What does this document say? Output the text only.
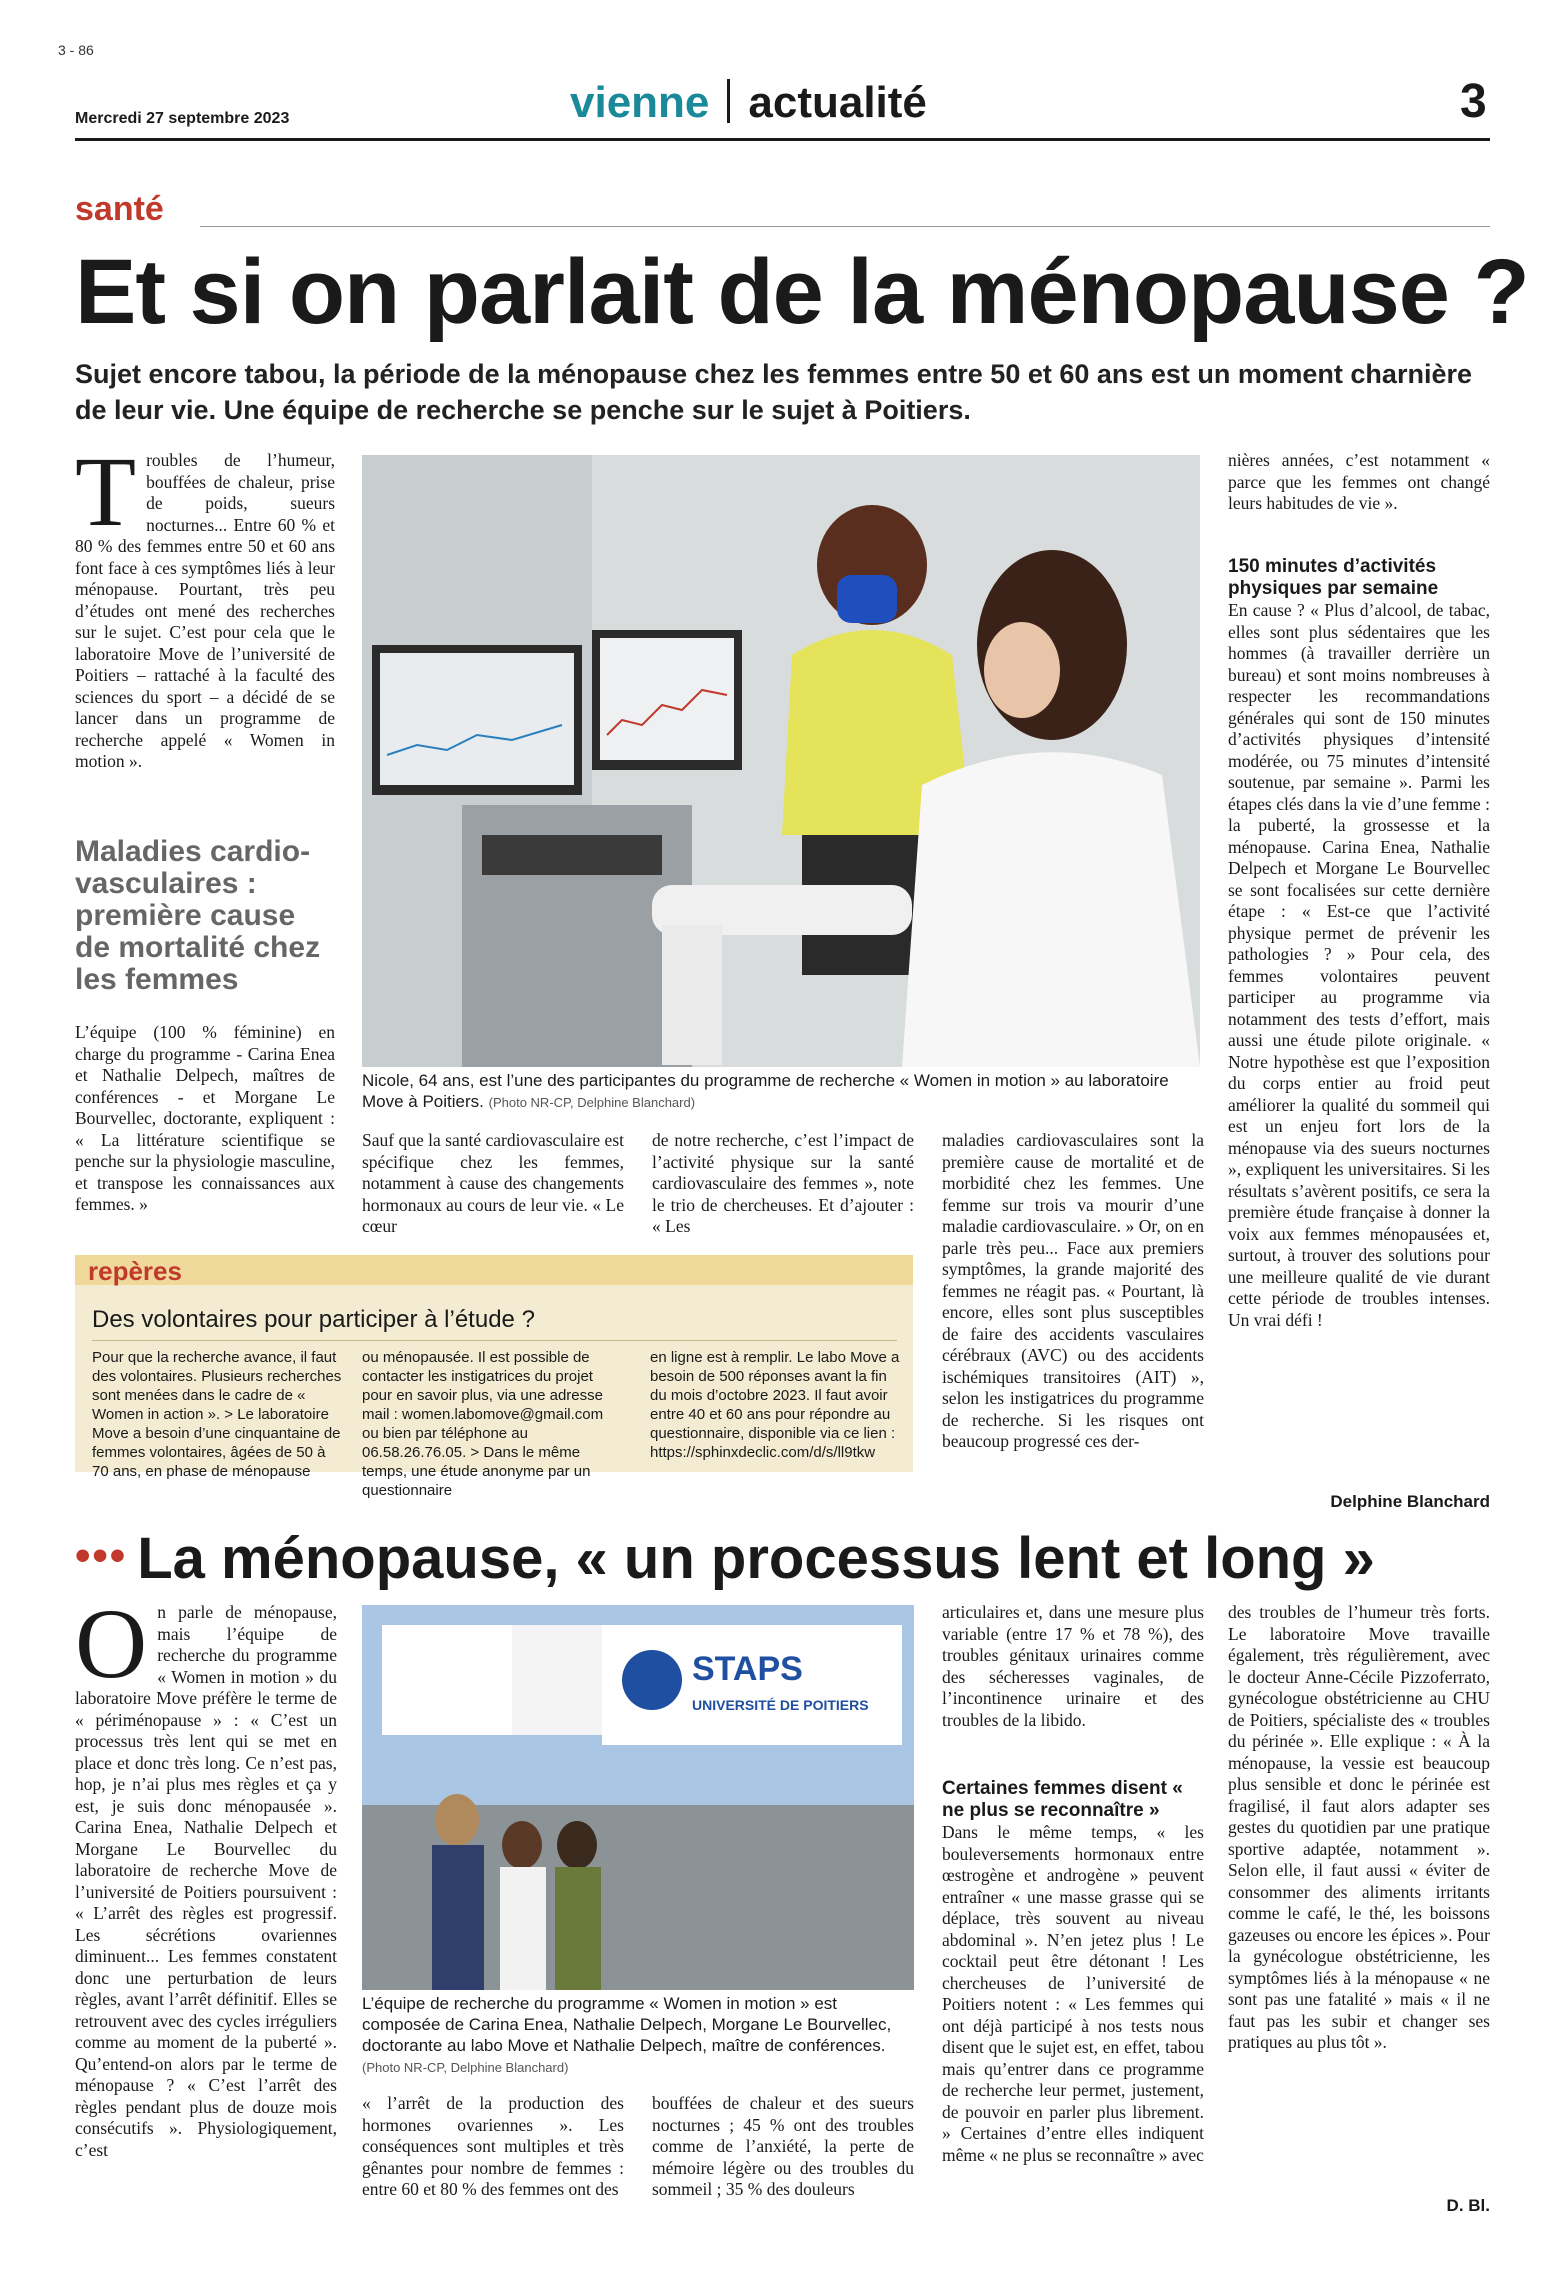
3 - 86
Mercredi 27 septembre 2023	vienne actualité	3
santé
Et si on parlait de la ménopause ?
Sujet encore tabou, la période de la ménopause chez les femmes entre 50 et 60 ans est un moment charnière de leur vie. Une équipe de recherche se penche sur le sujet à Poitiers.
Troubles de l’humeur, bouffées de chaleur, prise de poids, sueurs nocturnes... Entre 60 % et 80 % des femmes entre 50 et 60 ans font face à ces symptômes liés à leur ménopause. Pourtant, très peu d’études ont mené des recherches sur le sujet. C’est pour cela que le laboratoire Move de l’université de Poitiers – rattaché à la faculté des sciences du sport – a décidé de se lancer dans un programme de recherche appelé « Women in motion ».
Maladies cardio-vasculaires : première cause de mortalité chez les femmes
L’équipe (100 % féminine) en charge du programme - Carina Enea et Nathalie Delpech, maîtres de conférences - et Morgane Le Bourvellec, doctorante, expliquent : « La littérature scientifique se penche sur la physiologie masculine, et transpose les connaissances aux femmes. »
Nicole, 64 ans, est l’une des participantes du programme de recherche « Women in motion » au laboratoire Move à Poitiers. (Photo NR-CP, Delphine Blanchard)
Sauf que la santé cardiovasculaire est spécifique chez les femmes, notamment à cause des changements hormonaux au cours de leur vie. « Le cœur
de notre recherche, c’est l’impact de l’activité physique sur la santé cardiovasculaire des femmes », note le trio de chercheuses. Et d’ajouter : « Les
maladies cardiovasculaires sont la première cause de mortalité et de morbidité chez les femmes. Une femme sur trois va mourir d’une maladie cardiovasculaire. » Or, on en parle très peu... Face aux premiers symptômes, la grande majorité des femmes ne réagit pas. « Pourtant, là encore, elles sont plus susceptibles de faire des accidents vasculaires cérébraux (AVC) ou des accidents ischémiques transitoires (AIT) », selon les instigatrices du programme de recherche. Si les risques ont beaucoup progressé ces der-
nières années, c’est notamment « parce que les femmes ont changé leurs habitudes de vie ».
150 minutes d’activités physiques par semaine
En cause ? « Plus d’alcool, de tabac, elles sont plus sédentaires que les hommes (à travailler derrière un bureau) et sont moins nombreuses à respecter les recommandations générales qui sont de 150 minutes d’activités physiques d’intensité modérée, ou 75 minutes d’intensité soutenue, par semaine ». Parmi les étapes clés dans la vie d’une femme : la puberté, la grossesse et la ménopause. Carina Enea, Nathalie Delpech et Morgane Le Bourvellec se sont focalisées sur cette dernière étape : « Est-ce que l’activité physique permet de prévenir les pathologies ? » Pour cela, des femmes volontaires peuvent participer au programme via notamment des tests d’effort, mais aussi une étude pilote originale. « Notre hypothèse est que l’exposition du corps entier au froid peut améliorer la qualité du sommeil qui est un enjeu fort lors de la ménopause via des sueurs nocturnes », expliquent les universitaires. Si les résultats s’avèrent positifs, ce sera la première étude française à donner la voix aux femmes ménopausées et, surtout, à trouver des solutions pour une meilleure qualité de vie durant cette période de troubles intenses. Un vrai défi !
Delphine Blanchard
repères
Des volontaires pour participer à l’étude ?
Pour que la recherche avance, il faut des volontaires. Plusieurs recherches sont menées dans le cadre de « Women in action ». > Le laboratoire Move a besoin d’une cinquantaine de femmes volontaires, âgées de 50 à 70 ans, en phase de ménopause
ou ménopausée. Il est possible de contacter les instigatrices du projet pour en savoir plus, via une adresse mail : women.labomove@gmail.com ou bien par téléphone au 06.58.26.76.05. > Dans le même temps, une étude anonyme par un questionnaire
en ligne est à remplir. Le labo Move a besoin de 500 réponses avant la fin du mois d’octobre 2023. Il faut avoir entre 40 et 60 ans pour répondre au questionnaire, disponible via ce lien : https://sphinxdeclic.com/d/s/ll9tkw
••• La ménopause, « un processus lent et long »
On parle de ménopause, mais l’équipe de recherche du programme « Women in motion » du laboratoire Move préfère le terme de « périménopause » : « C’est un processus très lent qui se met en place et donc très long. Ce n’est pas, hop, je n’ai plus mes règles et ça y est, je suis donc ménopausée ». Carina Enea, Nathalie Delpech et Morgane Le Bourvellec du laboratoire de recherche Move de l’université de Poitiers poursuivent : « L’arrêt des règles est progressif. Les sécrétions ovariennes diminuent... Les femmes constatent donc une perturbation de leurs règles, avant l’arrêt définitif. Elles se retrouvent avec des cycles irréguliers comme au moment de la puberté ». Qu’entend-on alors par le terme de ménopause ? « C’est l’arrêt des règles pendant plus de douze mois consécutifs ». Physiologiquement, c’est
STAPS
UNIVERSITÉ DE POITIERS
L’équipe de recherche du programme « Women in motion » est composée de Carina Enea, Nathalie Delpech, Morgane Le Bourvellec, doctorante au labo Move et Nathalie Delpech, maître de conférences. (Photo NR-CP, Delphine Blanchard)
« l’arrêt de la production des hormones ovariennes ». Les conséquences sont multiples et très gênantes pour nombre de femmes : entre 60 et 80 % des femmes ont des
bouffées de chaleur et des sueurs nocturnes ; 45 % ont des troubles comme de l’anxiété, la perte de mémoire légère ou des troubles du sommeil ; 35 % des douleurs
articulaires et, dans une mesure plus variable (entre 17 % et 78 %), des troubles génitaux urinaires comme des sécheresses vaginales, de l’incontinence urinaire et des troubles de la libido.
Certaines femmes disent « ne plus se reconnaître »
Dans le même temps, « les bouleversements hormonaux entre œstrogène et androgène » peuvent entraîner « une masse grasse qui se déplace, très souvent au niveau abdominal ». N’en jetez plus ! Le cocktail peut être détonant ! Les chercheuses de l’université de Poitiers notent : « Les femmes qui ont déjà participé à nos tests nous disent que le sujet est, en effet, tabou mais qu’entrer dans ce programme de recherche leur permet, justement, de pouvoir en parler plus librement. » Certaines d’entre elles indiquent même « ne plus se reconnaître » avec
des troubles de l’humeur très forts. Le laboratoire Move travaille également, très régulièrement, avec le docteur Anne-Cécile Pizzoferrato, gynécologue obstétricienne au CHU de Poitiers, spécialiste des « troubles du périnée ». Elle explique : « À la ménopause, la vessie est beaucoup plus sensible et donc le périnée est fragilisé, il faut alors adapter ses gestes du quotidien par une pratique sportive adaptée, notamment ». Selon elle, il faut aussi « éviter de consommer des aliments irritants comme le café, le thé, les boissons gazeuses ou encore les épices ». Pour la gynécologue obstétricienne, les symptômes liés à la ménopause « ne sont pas une fatalité » mais « il ne faut pas les subir et changer ses pratiques au plus tôt ».
D. Bl.
